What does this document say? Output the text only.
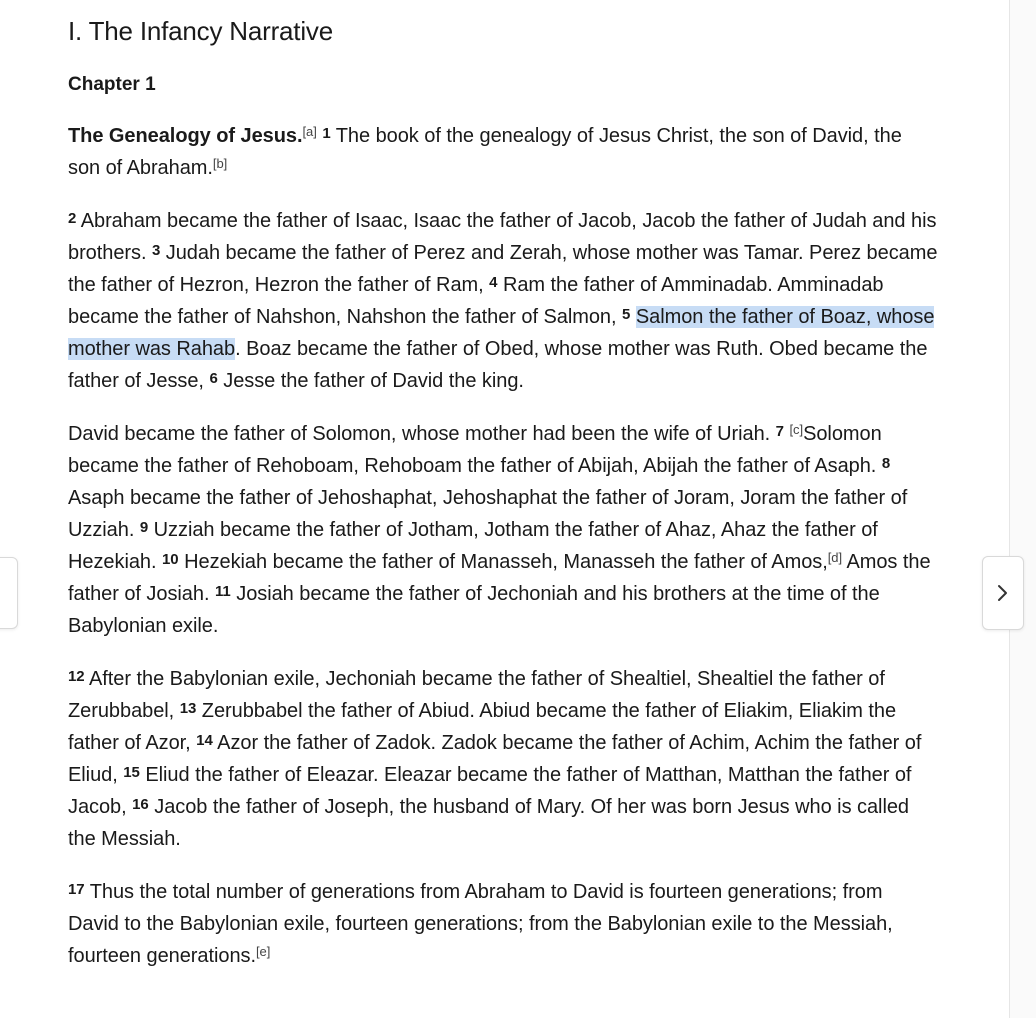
I. The Infancy Narrative
Chapter 1

The Genealogy of Jesus.[a] $^1$ The book of the genealogy of Jesus Christ, the son of David, the son of Abraham.[b]

$^2$ Abraham became the father of Isaac, Isaac the father of Jacob, Jacob the father of Judah and his brothers. $^3$ Judah became the father of Perez and Zerah, whose mother was Tamar. Perez became the father of Hezron, Hezron the father of Ram, $^4$ Ram the father of Amminadab. Amminadab became the father of Nahshon, Nahshon the father of Salmon, $^5$ Salmon the father of Boaz, whose mother was Rahab. Boaz became the father of Obed, whose mother was Ruth. Obed became the father of Jesse, $^6$ Jesse the father of David the king.

David became the father of Solomon, whose mother had been the wife of Uriah. $^7$ [c]Solomon became the father of Rehoboam, Rehoboam the father of Abijah, Abijah the father of Asaph. $^8$ Asaph became the father of Jehoshaphat, Jehoshaphat the father of Joram, Joram the father of Uzziah. $^9$ Uzziah became the father of Jotham, Jotham the father of Ahaz, Ahaz the father of Hezekiah. $^{10}$ Hezekiah became the father of Manasseh, Manasseh the father of Amos,[d] Amos the father of Josiah. $^{11}$ Josiah became the father of Jechoniah and his brothers at the time of the Babylonian exile.

$^{12}$ After the Babylonian exile, Jechoniah became the father of Shealtiel, Shealtiel the father of Zerubbabel, $^{13}$ Zerubbabel the father of Abiud. Abiud became the father of Eliakim, Eliakim the father of Azor, $^{14}$ Azor the father of Zadok. Zadok became the father of Achim, Achim the father of Eliud, $^{15}$ Eliud the father of Eleazar. Eleazar became the father of Matthan, Matthan the father of Jacob, $^{16}$ Jacob the father of Joseph, the husband of Mary. Of her was born Jesus who is called the Messiah.

$^{17}$ Thus the total number of generations from Abraham to David is fourteen generations; from David to the Babylonian exile, fourteen generations; from the Babylonian exile to the Messiah, fourteen generations.[e]
